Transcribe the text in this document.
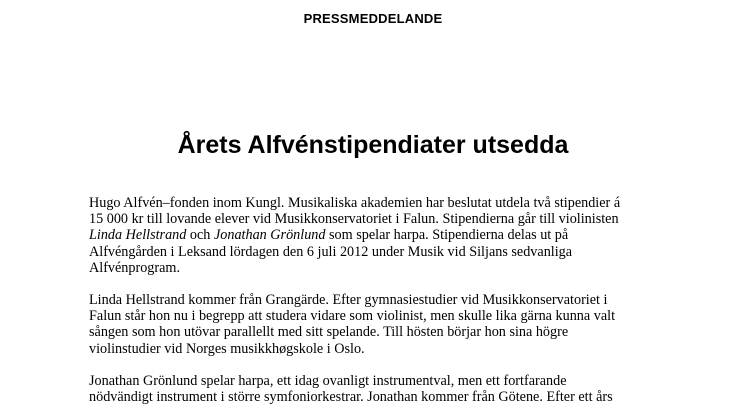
PRESSMEDDELANDE
Årets Alfvénstipendiater utsedda

Hugo Alfvén–fonden inom Kungl. Musikaliska akademien har beslutat utdela två stipendier á
15 000 kr till lovande elever vid Musikkonservatoriet i Falun. Stipendierna går till violinisten
Linda Hellstrand och Jonathan Grönlund som spelar harpa. Stipendierna delas ut på
Alfvéngården i Leksand lördagen den 6 juli 2012 under Musik vid Siljans sedvanliga
Alfvénprogram.

Linda Hellstrand kommer från Grangärde. Efter gymnasiestudier vid Musikkonservatoriet i
Falun står hon nu i begrepp att studera vidare som violinist, men skulle lika gärna kunna valt
sången som hon utövar parallellt med sitt spelande. Till hösten börjar hon sina högre
violinstudier vid Norges musikkhøgskole i Oslo.

Jonathan Grönlund spelar harpa, ett idag ovanligt instrumentval, men ett fortfarande
nödvändigt instrument i större symfoniorkestrar. Jonathan kommer från Götene. Efter ett års
